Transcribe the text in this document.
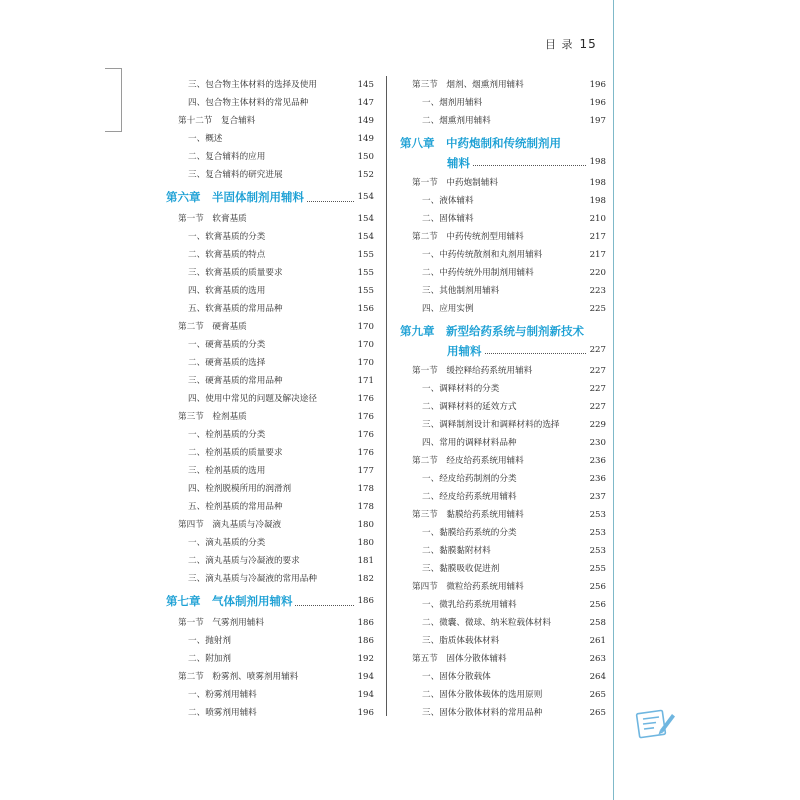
目 录 15
三、包合物主体材料的选择及使用	145
四、包合物主体材料的常见品种	147
第十二节　复合辅料	149
一、概述	149
二、复合辅料的应用	150
三、复合辅料的研究进展	152
第六章　半固体制剂用辅料	154
第一节　软膏基质	154
一、软膏基质的分类	154
二、软膏基质的特点	155
三、软膏基质的质量要求	155
四、软膏基质的选用	155
五、软膏基质的常用品种	156
第二节　硬膏基质	170
一、硬膏基质的分类	170
二、硬膏基质的选择	170
三、硬膏基质的常用品种	171
四、使用中常见的问题及解决途径	176
第三节　栓剂基质	176
一、栓剂基质的分类	176
二、栓剂基质的质量要求	176
三、栓剂基质的选用	177
四、栓剂脱模所用的润滑剂	178
五、栓剂基质的常用品种	178
第四节　滴丸基质与冷凝液	180
一、滴丸基质的分类	180
二、滴丸基质与冷凝液的要求	181
三、滴丸基质与冷凝液的常用品种	182
第七章　气体制剂用辅料	186
第一节　气雾剂用辅料	186
一、抛射剂	186
二、附加剂	192
第二节　粉雾剂、喷雾剂用辅料	194
一、粉雾剂用辅料	194
二、喷雾剂用辅料	196
第三节　烟剂、烟熏剂用辅料	196
一、烟剂用辅料	196
二、烟熏剂用辅料	197
第八章　中药炮制和传统制剂用
辅料	198
第一节　中药炮制辅料	198
一、液体辅料	198
二、固体辅料	210
第二节　中药传统剂型用辅料	217
一、中药传统散剂和丸剂用辅料	217
二、中药传统外用制剂用辅料	220
三、其他制剂用辅料	223
四、应用实例	225
第九章　新型给药系统与制剂新技术
用辅料	227
第一节　缓控释给药系统用辅料	227
一、调释材料的分类	227
二、调释材料的延效方式	227
三、调释制剂设计和调释材料的选择	229
四、常用的调释材料品种	230
第二节　经皮给药系统用辅料	236
一、经皮给药制剂的分类	236
二、经皮给药系统用辅料	237
第三节　黏膜给药系统用辅料	253
一、黏膜给药系统的分类	253
二、黏膜黏附材料	253
三、黏膜吸收促进剂	255
第四节　微粒给药系统用辅料	256
一、微乳给药系统用辅料	256
二、微囊、微球、纳米粒载体材料	258
三、脂质体载体材料	261
第五节　固体分散体辅料	263
一、固体分散载体	264
二、固体分散体载体的选用原则	265
三、固体分散体材料的常用品种	265
